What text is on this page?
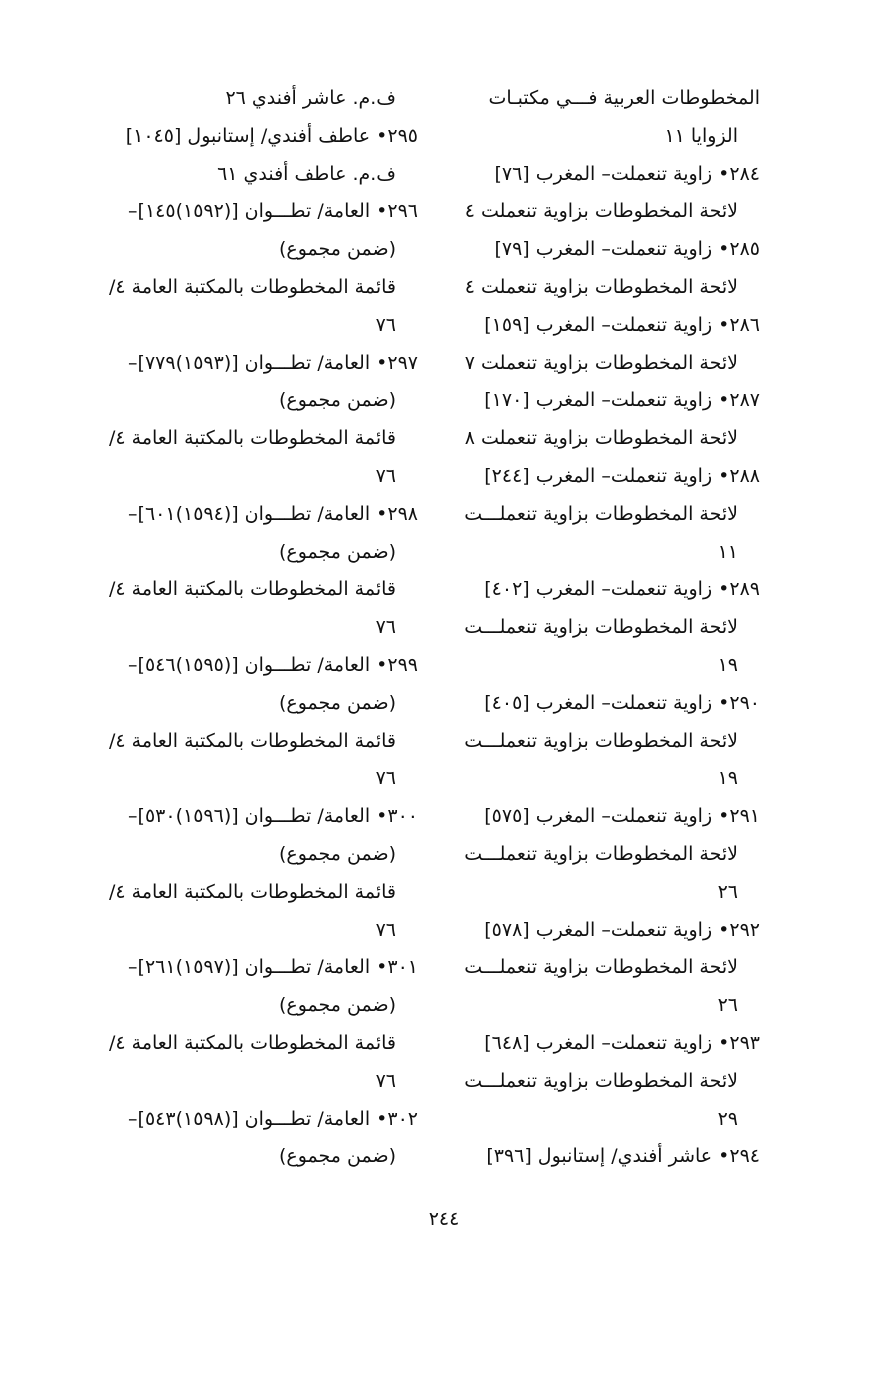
المخطوطات العربية فـــي مكتبـات
الزوايا ١١
٢٨٤• زاوية تنعملت– المغرب [٧٦]
لائحة المخطوطات بزاوية تنعملت ٤
٢٨٥• زاوية تنعملت– المغرب [٧٩]
لائحة المخطوطات بزاوية تنعملت ٤
٢٨٦• زاوية تنعملت– المغرب [١٥٩]
لائحة المخطوطات بزاوية تنعملت ٧
٢٨٧• زاوية تنعملت– المغرب [١٧٠]
لائحة المخطوطات بزاوية تنعملت ٨
٢٨٨• زاوية تنعملت– المغرب [٢٤٤]
لائحة المخطوطات بزاوية تنعملـــت
١١
٢٨٩• زاوية تنعملت– المغرب [٤٠٢]
لائحة المخطوطات بزاوية تنعملـــت
١٩
٢٩٠• زاوية تنعملت– المغرب [٤٠٥]
لائحة المخطوطات بزاوية تنعملـــت
١٩
٢٩١• زاوية تنعملت– المغرب [٥٧٥]
لائحة المخطوطات بزاوية تنعملـــت
٢٦
٢٩٢• زاوية تنعملت– المغرب [٥٧٨]
لائحة المخطوطات بزاوية تنعملـــت
٢٦
٢٩٣• زاوية تنعملت– المغرب [٦٤٨]
لائحة المخطوطات بزاوية تنعملـــت
٢٩
٢٩٤• عاشر أفندي/ إستانبول [٣٩٦]
ف.م. عاشر أفندي ٢٦
٢٩٥• عاطف أفندي/ إستانبول [١٠٤٥]
ف.م. عاطف أفندي ٦١
٢٩٦• العامة/ تطـــوان [(١٥٩٢)١٤٥]–
(ضمن مجموع)
قائمة المخطوطات بالمكتبة العامة ٤/
٧٦
٢٩٧• العامة/ تطـــوان [(١٥٩٣)٧٧٩]–
(ضمن مجموع)
قائمة المخطوطات بالمكتبة العامة ٤/
٧٦
٢٩٨• العامة/ تطـــوان [(١٥٩٤)٦٠١]–
(ضمن مجموع)
قائمة المخطوطات بالمكتبة العامة ٤/
٧٦
٢٩٩• العامة/ تطـــوان [(١٥٩٥)٥٤٦]–
(ضمن مجموع)
قائمة المخطوطات بالمكتبة العامة ٤/
٧٦
٣٠٠• العامة/ تطـــوان [(١٥٩٦)٥٣٠]–
(ضمن مجموع)
قائمة المخطوطات بالمكتبة العامة ٤/
٧٦
٣٠١• العامة/ تطـــوان [(١٥٩٧)٢٦١]–
(ضمن مجموع)
قائمة المخطوطات بالمكتبة العامة ٤/
٧٦
٣٠٢• العامة/ تطـــوان [(١٥٩٨)٥٤٣]–
(ضمن مجموع)
٢٤٤
